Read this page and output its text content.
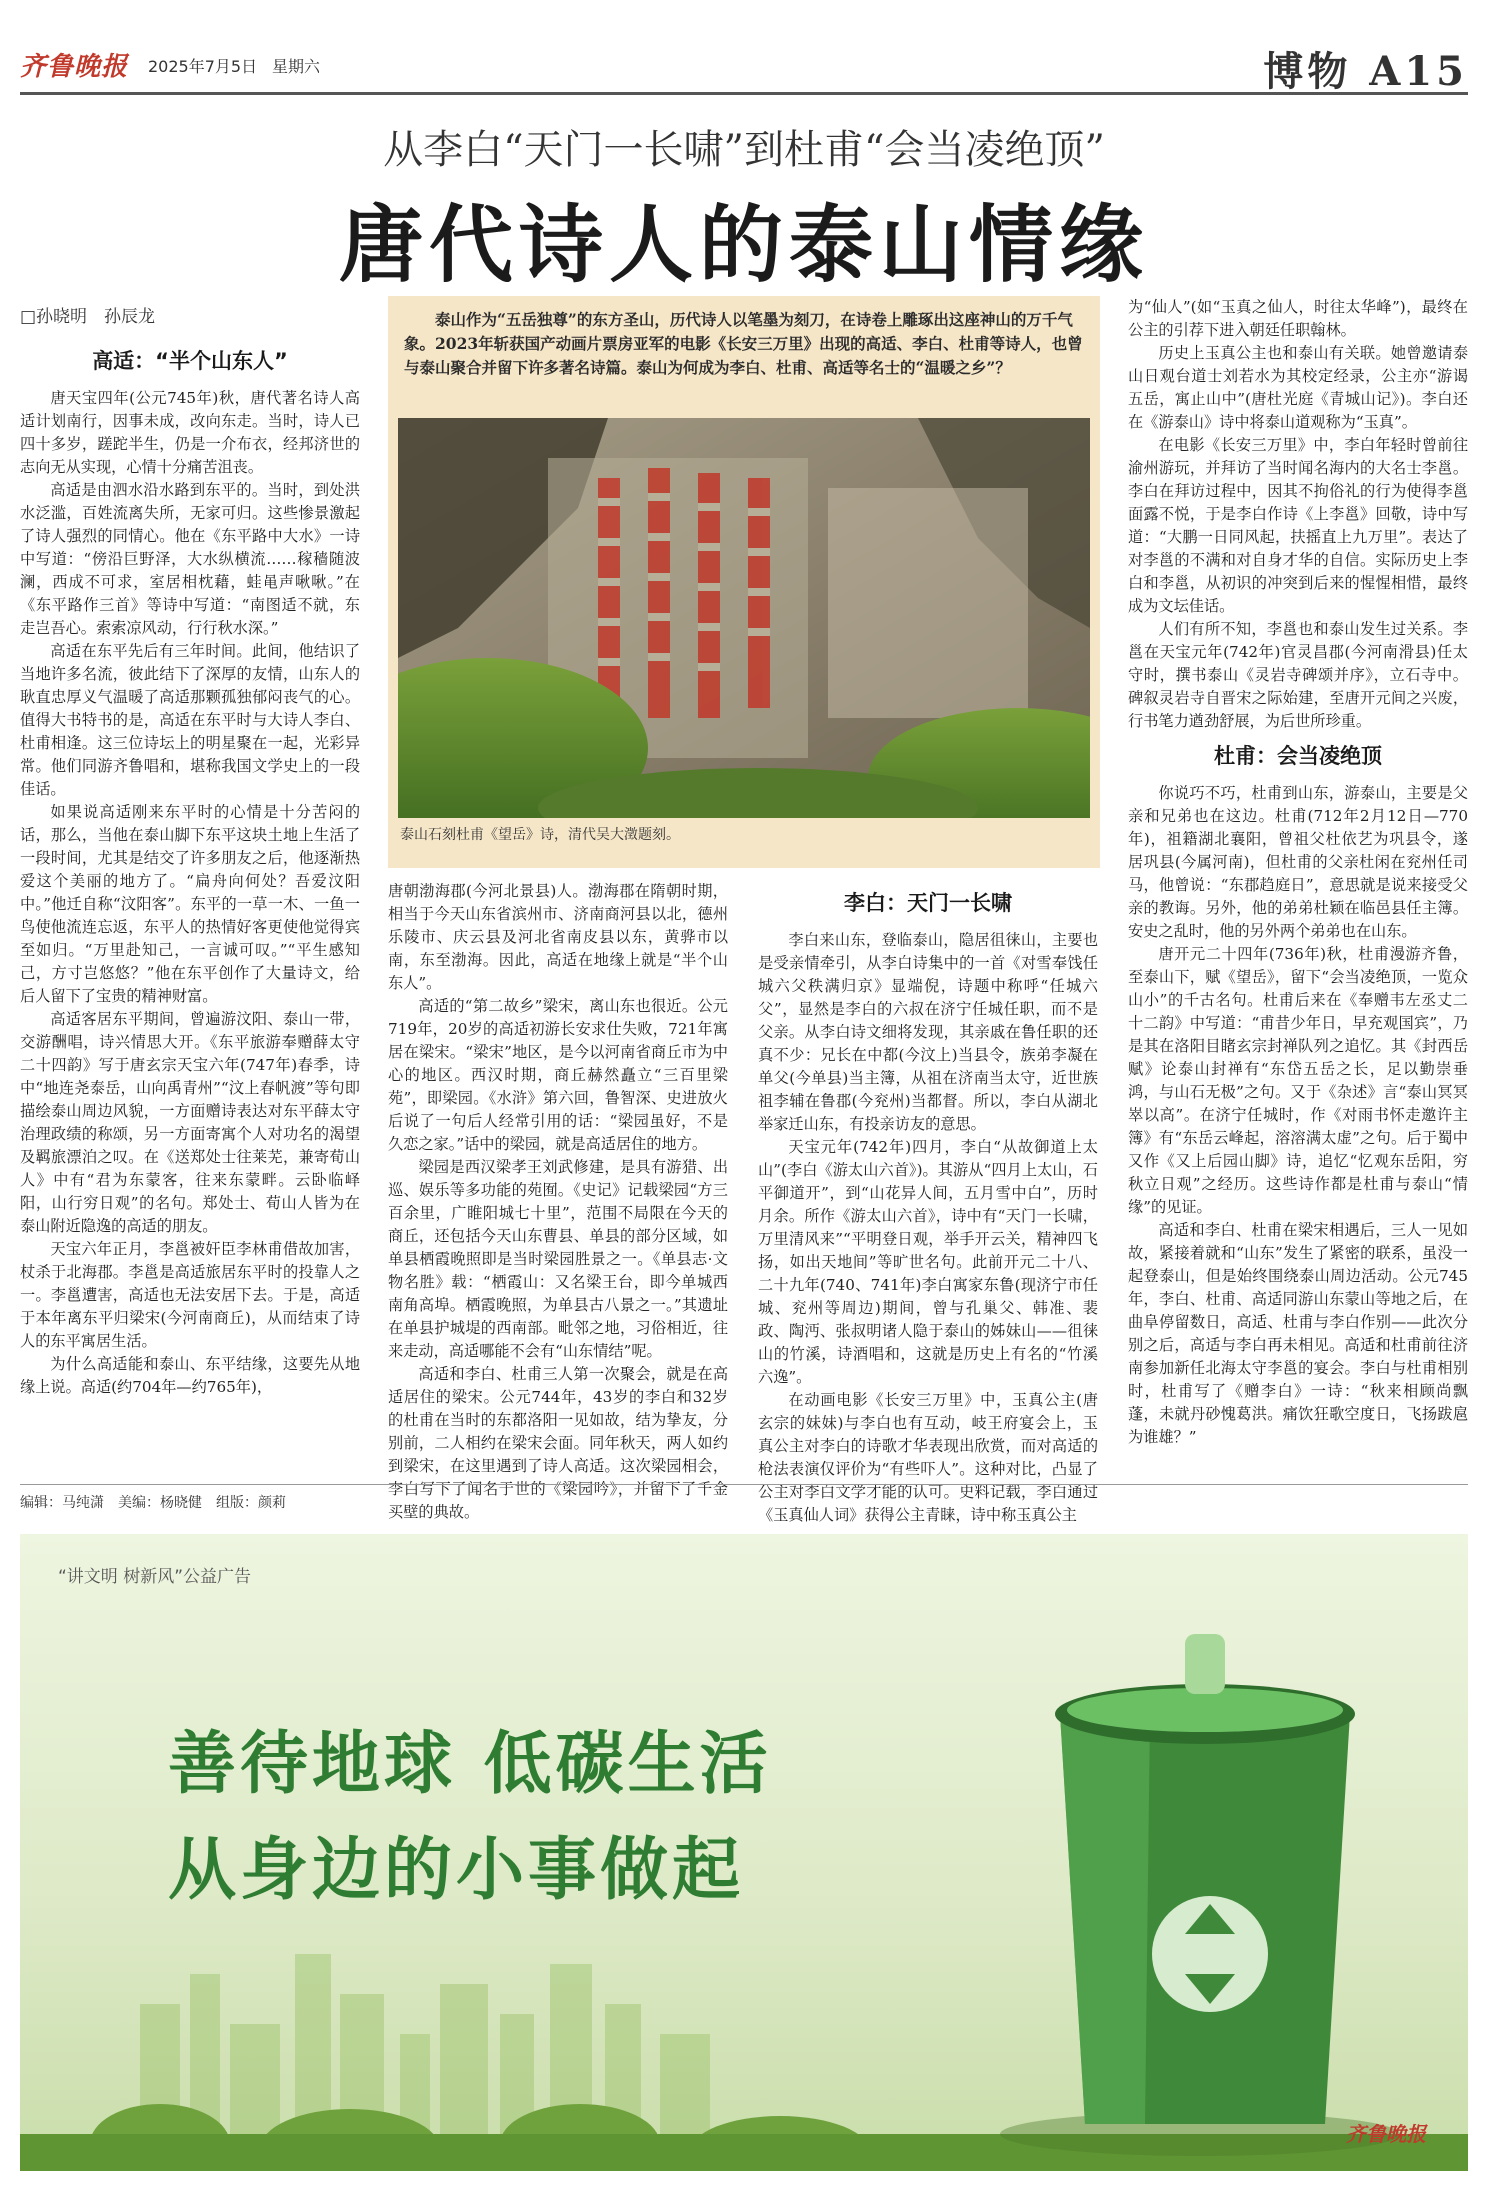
齐鲁晚报 2025年7月5日 星期六	博物 A15
从李白“天门一长啸”到杜甫“会当凌绝顶”
唐代诗人的泰山情缘
□孙晓明　孙辰龙
高适：“半个山东人”

唐天宝四年(公元745年)秋，唐代著名诗人高适计划南行，因事未成，改向东走。当时，诗人已四十多岁，蹉跎半生，仍是一介布衣，经邦济世的志向无从实现，心情十分痛苦沮丧。

高适是由泗水沿水路到东平的。当时，到处洪水泛滥，百姓流离失所，无家可归。这些惨景激起了诗人强烈的同情心。他在《东平路中大水》一诗中写道：“傍沿巨野泽，大水纵横流……稼穑随波澜，西成不可求，室居相枕藉，蛙黾声啾啾。”在《东平路作三首》等诗中写道：“南图适不就，东走岂吾心。索索凉风动，行行秋水深。”

高适在东平先后有三年时间。此间，他结识了当地许多名流，彼此结下了深厚的友情，山东人的耿直忠厚义气温暖了高适那颗孤独郁闷丧气的心。值得大书特书的是，高适在东平时与大诗人李白、杜甫相逢。这三位诗坛上的明星聚在一起，光彩异常。他们同游齐鲁唱和，堪称我国文学史上的一段佳话。

如果说高适刚来东平时的心情是十分苦闷的话，那么，当他在泰山脚下东平这块土地上生活了一段时间，尤其是结交了许多朋友之后，他逐渐热爱这个美丽的地方了。“扁舟向何处？吾爱汶阳中。”他迁自称“汶阳客”。东平的一草一木、一鱼一鸟使他流连忘返，东平人的热情好客更使他觉得宾至如归。“万里赴知己，一言诚可叹。”“平生感知己，方寸岂悠悠？”他在东平创作了大量诗文，给后人留下了宝贵的精神财富。

高适客居东平期间，曾遍游汶阳、泰山一带，交游酬唱，诗兴情思大开。《东平旅游奉赠薛太守二十四韵》写于唐玄宗天宝六年(747年)春季，诗中“地连尧泰岳，山向禹青州”“汶上春帆渡”等句即描绘泰山周边风貌，一方面赠诗表达对东平薛太守治理政绩的称颂，另一方面寄寓个人对功名的渴望及羁旅漂泊之叹。在《送郑处士往莱芜，兼寄荀山人》中有“君为东蒙客，往来东蒙畔。云卧临峄阳，山行穷日观”的名句。郑处士、荀山人皆为在泰山附近隐逸的高适的朋友。

天宝六年正月，李邕被奸臣李林甫借故加害，杖杀于北海郡。李邕是高适旅居东平时的投靠人之一。李邕遭害，高适也无法安居下去。于是，高适于本年离东平归梁宋(今河南商丘)，从而结束了诗人的东平寓居生活。

为什么高适能和泰山、东平结缘，这要先从地缘上说。高适(约704年—约765年)，

泰山作为“五岳独尊”的东方圣山，历代诗人以笔墨为刻刀，在诗卷上雕琢出这座神山的万千气象。2023年斩获国产动画片票房亚军的电影《长安三万里》出现的高适、李白、杜甫等诗人，也曾与泰山聚合并留下许多著名诗篇。泰山为何成为李白、杜甫、高适等名士的“温暖之乡”？

泰山石刻杜甫《望岳》诗，清代吴大澂题刻。

唐朝渤海郡(今河北景县)人。渤海郡在隋朝时期，相当于今天山东省滨州市、济南商河县以北，德州乐陵市、庆云县及河北省南皮县以东，黄骅市以南，东至渤海。因此，高适在地缘上就是“半个山东人”。

高适的“第二故乡”梁宋，离山东也很近。公元719年，20岁的高适初游长安求仕失败，721年寓居在梁宋。“梁宋”地区，是今以河南省商丘市为中心的地区。西汉时期，商丘赫然矗立“三百里梁苑”，即梁园。《水浒》第六回，鲁智深、史进放火后说了一句后人经常引用的话：“梁园虽好，不是久恋之家。”话中的梁园，就是高适居住的地方。

梁园是西汉梁孝王刘武修建，是具有游猎、出巡、娱乐等多功能的苑囿。《史记》记载梁园“方三百余里，广睢阳城七十里”，范围不局限在今天的商丘，还包括今天山东曹县、单县的部分区域，如单县栖霞晚照即是当时梁园胜景之一。《单县志·文物名胜》载：“栖霞山：又名梁王台，即今单城西南角高埠。栖霞晚照，为单县古八景之一。”其遗址在单县护城堤的西南部。毗邻之地，习俗相近，往来走动，高适哪能不会有“山东情结”呢。

高适和李白、杜甫三人第一次聚会，就是在高适居住的梁宋。公元744年，43岁的李白和32岁的杜甫在当时的东都洛阳一见如故，结为挚友，分别前，二人相约在梁宋会面。同年秋天，两人如约到梁宋，在这里遇到了诗人高适。这次梁园相会，李白写下了闻名于世的《梁园吟》，并留下了千金买壁的典故。

李白：天门一长啸

李白来山东，登临泰山，隐居徂徕山，主要也是受亲情牵引，从李白诗集中的一首《对雪奉饯任城六父秩满归京》显端倪，诗题中称呼“任城六父”，显然是李白的六叔在济宁任城任职，而不是父亲。从李白诗文细将发现，其亲戚在鲁任职的还真不少：兄长在中都(今汶上)当县令，族弟李凝在单父(今单县)当主簿，从祖在济南当太守，近世族祖李辅在鲁郡(今兖州)当都督。所以，李白从湖北举家迁山东，有投亲访友的意思。

天宝元年(742年)四月，李白“从故御道上太山”(李白《游太山六首》)。其游从“四月上太山，石平御道开”，到“山花异人间，五月雪中白”，历时月余。所作《游太山六首》，诗中有“天门一长啸，万里清风来”“平明登日观，举手开云关，精神四飞扬，如出天地间”等旷世名句。此前开元二十八、二十九年(740、741年)李白寓家东鲁(现济宁市任城、兖州等周边)期间，曾与孔巢父、韩准、裴政、陶沔、张叔明诸人隐于泰山的姊妹山——徂徕山的竹溪，诗酒唱和，这就是历史上有名的“竹溪六逸”。

在动画电影《长安三万里》中，玉真公主(唐玄宗的妹妹)与李白也有互动，岐王府宴会上，玉真公主对李白的诗歌才华表现出欣赏，而对高适的枪法表演仅评价为“有些吓人”。这种对比，凸显了公主对李白文学才能的认可。史料记载，李白通过《玉真仙人词》获得公主青睐，诗中称玉真公主

为“仙人”(如“玉真之仙人，时往太华峰”)，最终在公主的引荐下进入朝廷任职翰林。

历史上玉真公主也和泰山有关联。她曾邀请泰山日观台道士刘若水为其校定经录，公主亦“游谒五岳，寓止山中”(唐杜光庭《青城山记》)。李白还在《游泰山》诗中将泰山道观称为“玉真”。

在电影《长安三万里》中，李白年轻时曾前往渝州游玩，并拜访了当时闻名海内的大名士李邕。李白在拜访过程中，因其不拘俗礼的行为使得李邕面露不悦，于是李白作诗《上李邕》回敬，诗中写道：“大鹏一日同风起，扶摇直上九万里”。表达了对李邕的不满和对自身才华的自信。实际历史上李白和李邕，从初识的冲突到后来的惺惺相惜，最终成为文坛佳话。

人们有所不知，李邕也和泰山发生过关系。李邕在天宝元年(742年)官灵昌郡(今河南滑县)任太守时，撰书泰山《灵岩寺碑颂并序》，立石寺中。碑叙灵岩寺自晋宋之际始建，至唐开元间之兴废，行书笔力遒劲舒展，为后世所珍重。

杜甫：会当凌绝顶

你说巧不巧，杜甫到山东，游泰山，主要是父亲和兄弟也在这边。杜甫(712年2月12日—770年)，祖籍湖北襄阳，曾祖父杜依艺为巩县令，遂居巩县(今属河南)，但杜甫的父亲杜闲在兖州任司马，他曾说：“东郡趋庭日”，意思就是说来接受父亲的教诲。另外，他的弟弟杜颖在临邑县任主簿。安史之乱时，他的另外两个弟弟也在山东。

唐开元二十四年(736年)秋，杜甫漫游齐鲁，至泰山下，赋《望岳》，留下“会当凌绝顶，一览众山小”的千古名句。杜甫后来在《奉赠韦左丞丈二十二韵》中写道：“甫昔少年日，早充观国宾”，乃是其在洛阳目睹玄宗封禅队列之追忆。其《封西岳赋》论泰山封禅有“东岱五岳之长，足以勤崇垂鸿，与山石无极”之句。又于《杂述》言“泰山冥冥崒以高”。在济宁任城时，作《对雨书怀走邀许主簿》有“东岳云峰起，溶溶满太虚”之句。后于蜀中又作《又上后园山脚》诗，追忆“忆观东岳阳，穷秋立日观”之经历。这些诗作都是杜甫与泰山“情缘”的见证。

高适和李白、杜甫在梁宋相遇后，三人一见如故，紧接着就和“山东”发生了紧密的联系，虽没一起登泰山，但是始终围绕泰山周边活动。公元745年，李白、杜甫、高适同游山东蒙山等地之后，在曲阜停留数日，高适、杜甫与李白作别——此次分别之后，高适与李白再未相见。高适和杜甫前往济南参加新任北海太守李邕的宴会。李白与杜甫相别时，杜甫写了《赠李白》一诗：“秋来相顾尚飘蓬，未就丹砂愧葛洪。痛饮狂歌空度日，飞扬跋扈为谁雄？”

编辑：马纯潇　美编：杨晓健　组版：颜莉
“讲文明 树新风”公益广告
善待地球 低碳生活
从身边的小事做起
齐鲁晚报
